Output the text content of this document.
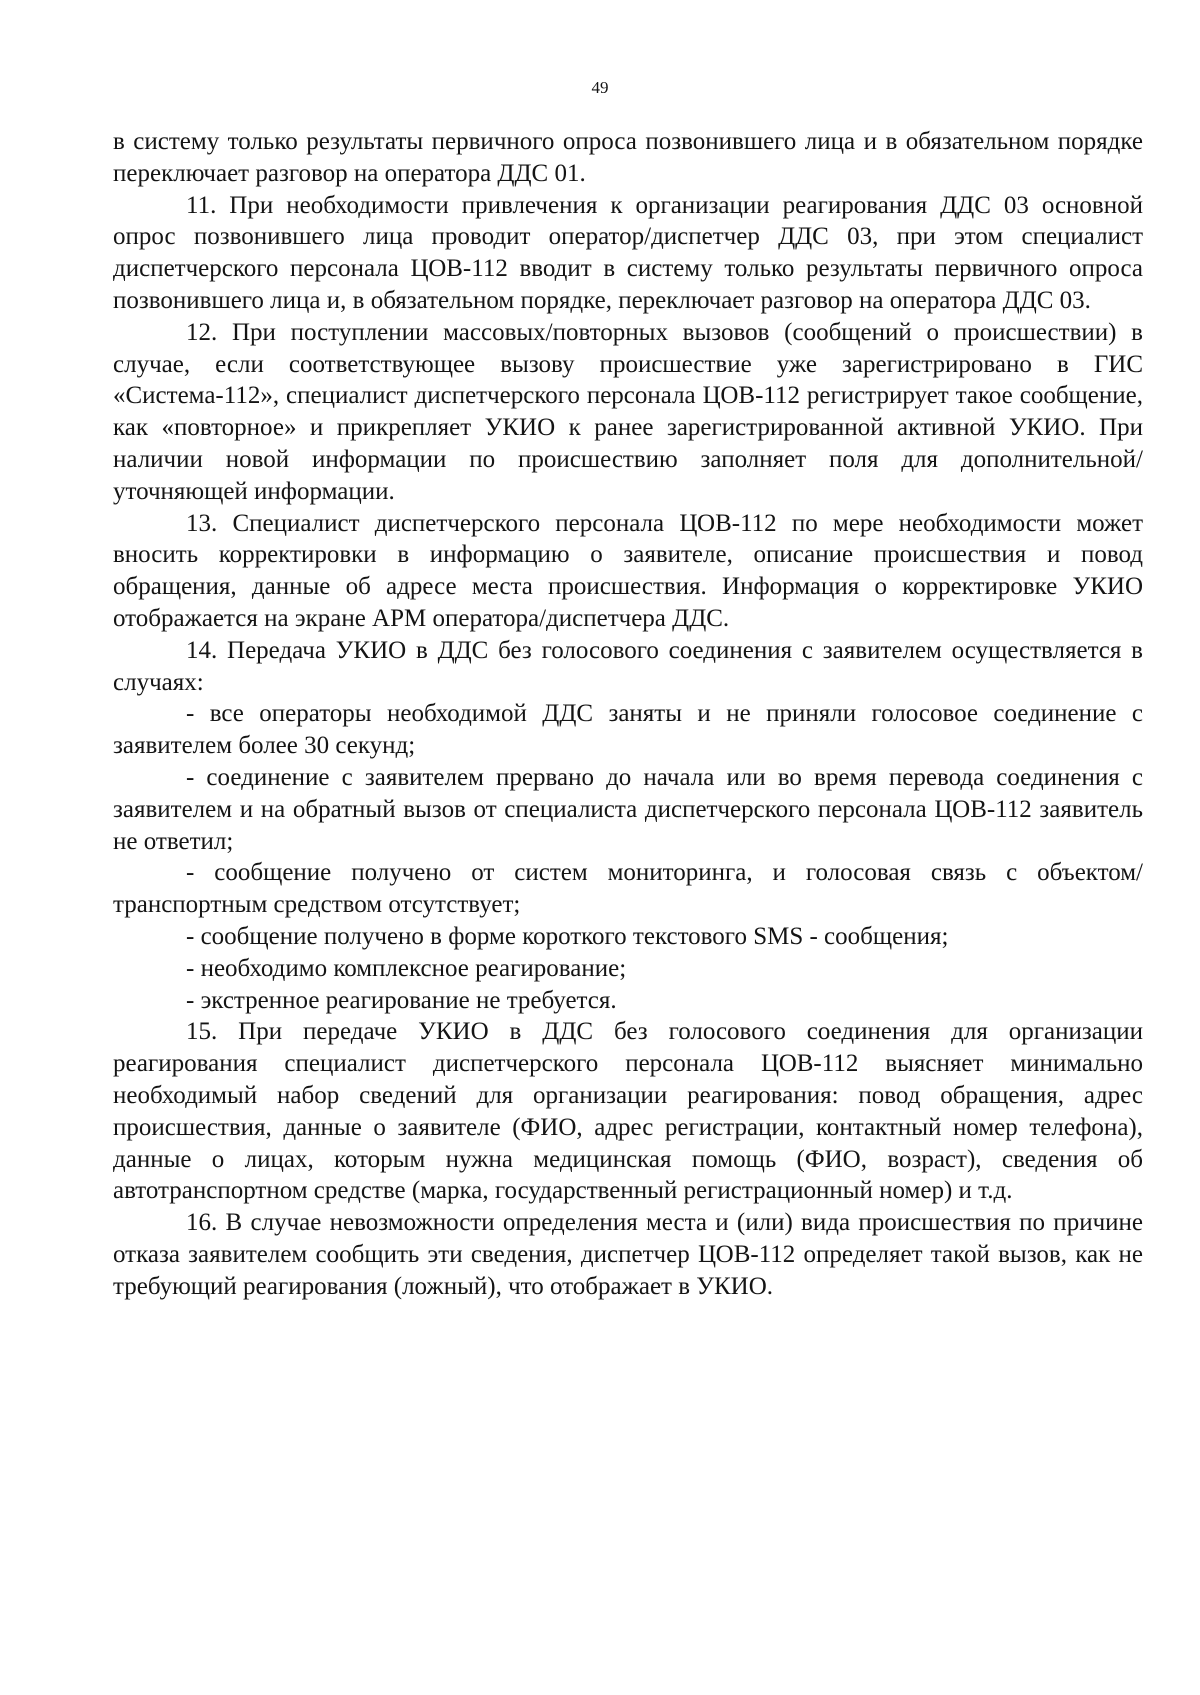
49

в систему только результаты первичного опроса позвонившего лица и в обязательном порядке переключает разговор на оператора ДДС 01.

11. При необходимости привлечения к организации реагирования ДДС 03 основной опрос позвонившего лица проводит оператор/диспетчер ДДС 03, при этом специалист диспетчерского персонала ЦОВ-112 вводит в систему только результаты первичного опроса позвонившего лица и, в обязательном порядке, переключает разговор на оператора ДДС 03.

12. При поступлении массовых/повторных вызовов (сообщений о происшествии) в случае, если соответствующее вызову происшествие уже зарегистрировано в ГИС «Система-112», специалист диспетчерского персонала ЦОВ-112 регистрирует такое сообщение, как «повторное» и прикрепляет УКИО к ранее зарегистрированной активной УКИО. При наличии новой информации по происшествию заполняет поля для дополнительной/уточняющей информации.

13. Специалист диспетчерского персонала ЦОВ-112 по мере необходимости может вносить корректировки в информацию о заявителе, описание происшествия и повод обращения, данные об адресе места происшествия. Информация о корректировке УКИО отображается на экране АРМ оператора/диспетчера ДДС.

14. Передача УКИО в ДДС без голосового соединения с заявителем осуществляется в случаях:

- все операторы необходимой ДДС заняты и не приняли голосовое соединение с заявителем более 30 секунд;

- соединение с заявителем прервано до начала или во время перевода соединения с заявителем и на обратный вызов от специалиста диспетчерского персонала ЦОВ-112 заявитель не ответил;

- сообщение получено от систем мониторинга, и голосовая связь с объектом/транспортным средством отсутствует;

- сообщение получено в форме короткого текстового SMS - сообщения;

- необходимо комплексное реагирование;

- экстренное реагирование не требуется.

15. При передаче УКИО в ДДС без голосового соединения для организации реагирования специалист диспетчерского персонала ЦОВ-112 выясняет минимально необходимый набор сведений для организации реагирования: повод обращения, адрес происшествия, данные о заявителе (ФИО, адрес регистрации, контактный номер телефона), данные о лицах, которым нужна медицинская помощь (ФИО, возраст), сведения об автотранспортном средстве (марка, государственный регистрационный номер) и т.д.

16. В случае невозможности определения места и (или) вида происшествия по причине отказа заявителем сообщить эти сведения, диспетчер ЦОВ-112 определяет такой вызов, как не требующий реагирования (ложный), что отображает в УКИО.
